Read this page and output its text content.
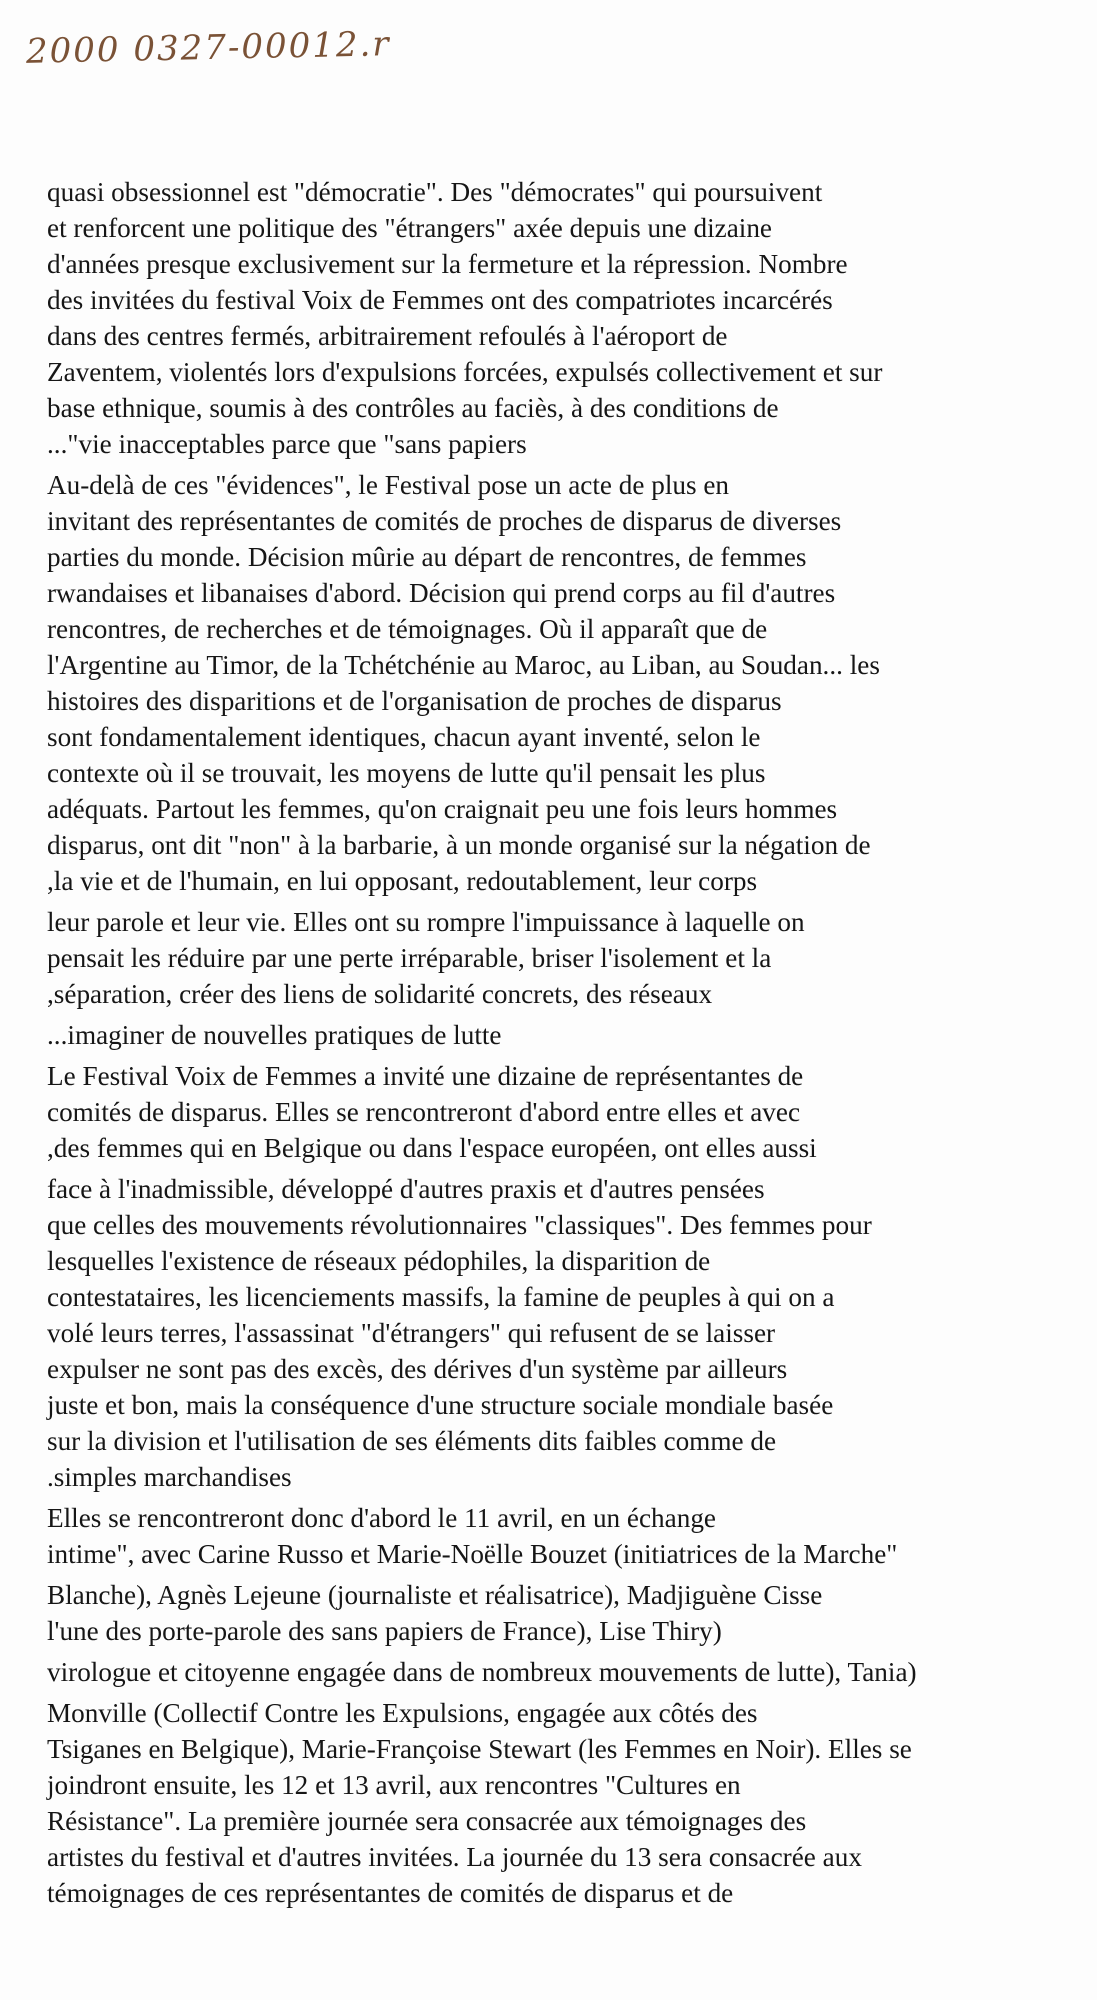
2000 0327-00012.r
quasi obsessionnel est "démocratie". Des "démocrates" qui poursuivent
et renforcent une politique des "étrangers" axée depuis une dizaine
d'années presque exclusivement sur la fermeture et la répression. Nombre
des invitées du festival Voix de Femmes ont des compatriotes incarcérés
dans des centres fermés, arbitrairement refoulés à l'aéroport de
Zaventem, violentés lors d'expulsions forcées, expulsés collectivement et sur
base ethnique, soumis à des contrôles au faciès, à des conditions de
..."vie inacceptables parce que "sans papiers
Au-delà de ces "évidences", le Festival pose un acte de plus en
invitant des représentantes de comités de proches de disparus de diverses
parties du monde. Décision mûrie au départ de rencontres, de femmes
rwandaises et libanaises d'abord. Décision qui prend corps au fil d'autres
rencontres, de recherches et de témoignages. Où il apparaît que de
l'Argentine au Timor, de la Tchétchénie au Maroc, au Liban, au Soudan... les
histoires des disparitions et de l'organisation de proches de disparus
sont fondamentalement identiques, chacun ayant inventé, selon le
contexte où il se trouvait, les moyens de lutte qu'il pensait les plus
adéquats. Partout les femmes, qu'on craignait peu une fois leurs hommes
disparus, ont dit "non" à la barbarie, à un monde organisé sur la négation de
,la vie et de l'humain, en lui opposant, redoutablement, leur corps
leur parole et leur vie. Elles ont su rompre l'impuissance à laquelle on
pensait les réduire par une perte irréparable, briser l'isolement et la
,séparation, créer des liens de solidarité concrets, des réseaux
...imaginer de nouvelles pratiques de lutte
Le Festival Voix de Femmes a invité une dizaine de représentantes de
comités de disparus. Elles se rencontreront d'abord entre elles et avec
,des femmes qui en Belgique ou dans l'espace européen, ont elles aussi
face à l'inadmissible, développé d'autres praxis et d'autres pensées
que celles des mouvements révolutionnaires "classiques". Des femmes pour
lesquelles l'existence de réseaux pédophiles, la disparition de
contestataires, les licenciements massifs, la famine de peuples à qui on a
volé leurs terres, l'assassinat "d'étrangers" qui refusent de se laisser
expulser ne sont pas des excès, des dérives d'un système par ailleurs
juste et bon, mais la conséquence d'une structure sociale mondiale basée
sur la division et l'utilisation de ses éléments dits faibles comme de
.simples marchandises
Elles se rencontreront donc d'abord le 11 avril, en un échange
intime", avec Carine Russo et Marie-Noëlle Bouzet (initiatrices de la Marche"
Blanche), Agnès Lejeune (journaliste et réalisatrice), Madjiguène Cisse
l'une des porte-parole des sans papiers de France), Lise Thiry)
virologue et citoyenne engagée dans de nombreux mouvements de lutte), Tania)
Monville (Collectif Contre les Expulsions, engagée aux côtés des
Tsiganes en Belgique), Marie-Françoise Stewart (les Femmes en Noir). Elles se
joindront ensuite, les 12 et 13 avril, aux rencontres "Cultures en
Résistance". La première journée sera consacrée aux témoignages des
artistes du festival et d'autres invitées. La journée du 13 sera consacrée aux
témoignages de ces représentantes de comités de disparus et de
